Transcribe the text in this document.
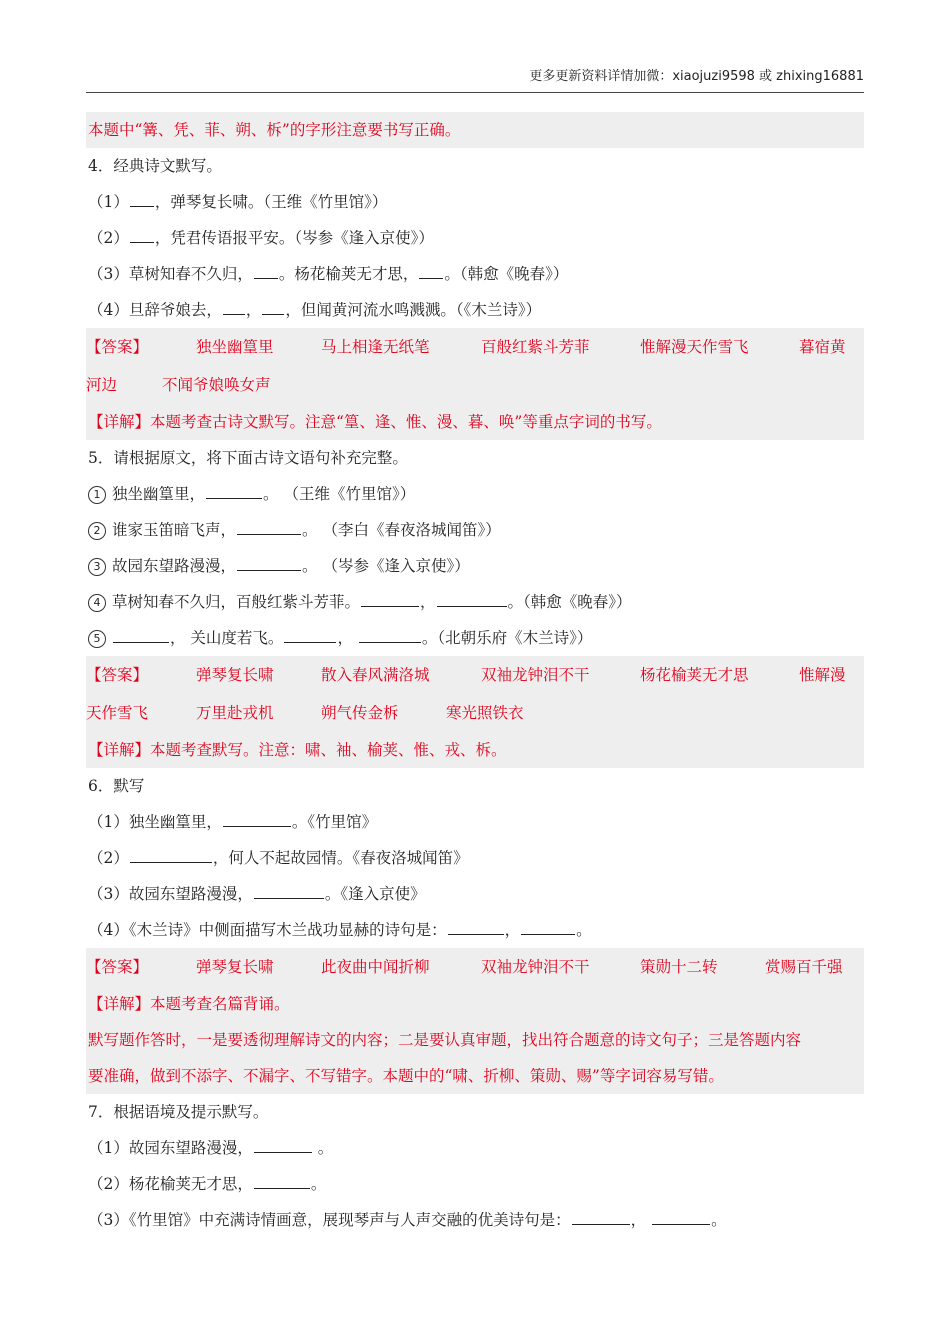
更多更新资料详情加微：xiaojuzi9598 或 zhixing16881
本题中“篝、凭、菲、朔、柝”的字形注意要书写正确。
4．经典诗文默写。
（1） ，弹琴复长啸。（王维《竹里馆》）
（2） ，凭君传语报平安。（岑参《逢入京使》）
（3）草树知春不久归， 。杨花榆荚无才思， 。（韩愈《晚春》）
（4）旦辞爷娘去， ， ，但闻黄河流水鸣溅溅。（《木兰诗》）
【答案】	独坐幽篁里	马上相逢无纸笔	百般红紫斗芳菲	惟解漫天作雪飞	暮宿黄
河边	不闻爷娘唤女声
【详解】本题考查古诗文默写。注意“篁、逢、惟、漫、暮、唤”等重点字词的书写。
5．请根据原文，将下面古诗文语句补充完整。
1 独坐幽篁里，	。 （王维《竹里馆》）
2 谁家玉笛暗飞声，	。 （李白《春夜洛城闻笛》）
3 故园东望路漫漫，	。 （岑参《逢入京使》）
4 草树知春不久归，百般红紫斗芳菲。	，	。（韩愈《晚春》）
5	， 关山度若飞。	，	。（北朝乐府《木兰诗》）
【答案】	弹琴复长啸	散入春风满洛城	双袖龙钟泪不干	杨花榆荚无才思	惟解漫
天作雪飞	万里赴戎机	朔气传金柝	寒光照铁衣
【详解】本题考查默写。注意：啸、袖、榆荚、惟、戎、柝。
6．默写
（1）独坐幽篁里，	。《竹里馆》
（2）	，何人不起故园情。《春夜洛城闻笛》
（3）故园东望路漫漫，	。《逢入京使》
（4）《木兰诗》中侧面描写木兰战功显赫的诗句是：	，	。
【答案】	弹琴复长啸	此夜曲中闻折柳	双袖龙钟泪不干	策勋十二转	赏赐百千强
【详解】本题考查名篇背诵。
默写题作答时，一是要透彻理解诗文的内容；二是要认真审题，找出符合题意的诗文句子；三是答题内容
要准确，做到不添字、不漏字、不写错字。本题中的“啸、折柳、策勋、赐”等字词容易写错。
7．根据语境及提示默写。
（1）故园东望路漫漫，	。
（2）杨花榆荚无才思，	。
（3）《竹里馆》中充满诗情画意，展现琴声与人声交融的优美诗句是：	，	。
